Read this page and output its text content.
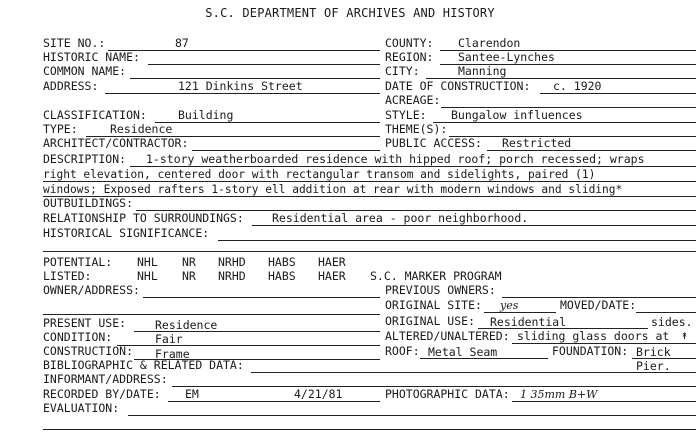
S.C. DEPARTMENT OF ARCHIVES AND HISTORY
SITE NO.:	87
HISTORIC NAME:
COMMON NAME:
ADDRESS:	121 Dinkins Street
COUNTY: Clarendon
REGION: Santee-Lynches
CITY:	Manning
DATE OF CONSTRUCTION: c. 1920
ACREAGE:
CLASSIFICATION:	Building
TYPE:	Residence
ARCHITECT/CONTRACTOR:
STYLE: Bungalow influences
THEME(S):
PUBLIC ACCESS: Restricted
DESCRIPTION: 1-story weatherboarded residence with hipped roof; porch recessed; wraps
right elevation, centered door with rectangular transom and sidelights, paired (1)
windows; Exposed rafters 1-story ell addition at rear with modern windows and sliding*
OUTBUILDINGS:
RELATIONSHIP TO SURROUNDINGS: Residential area - poor neighborhood.
HISTORICAL SIGNIFICANCE:
POTENTIAL: NHL NR NRHD HABS HAER
LISTED:	NHL NR NRHD HABS HAER S.C. MARKER PROGRAM
OWNER/ADDRESS:	PREVIOUS OWNERS:
ORIGINAL SITE: yes	MOVED/DATE:
PRESENT USE:	Residence	ORIGINAL USE: Residential	sides.
CONDITION:	Fair	ALTERED/UNALTERED: sliding glass doors at ↟
CONSTRUCTION: Frame	ROOF: Metal Seam	FOUNDATION: Brick
BIBLIOGRAPHIC & RELATED DATA:	Pier.
INFORMANT/ADDRESS:
RECORDED BY/DATE: EM	4/21/81	PHOTOGRAPHIC DATA: 1 35mm B+W
EVALUATION:
